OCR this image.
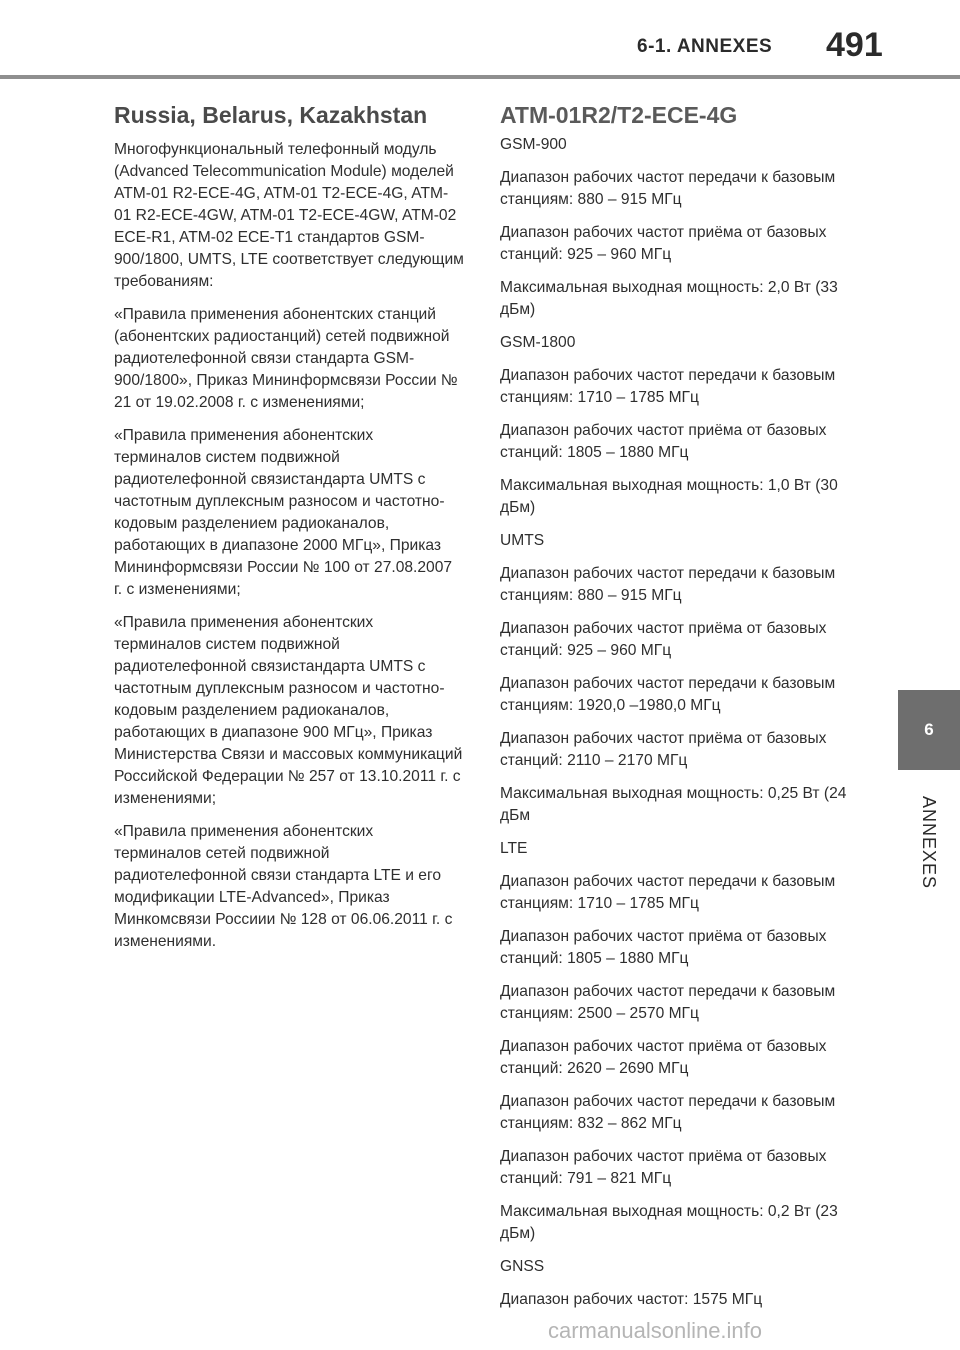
6-1. ANNEXES 491
Russia, Belarus, Kazakhstan

Многофункциональный телефонный модуль (Advanced Telecommunication Module) моделей ATM-01 R2-ECE-4G, ATM-01 T2-ECE-4G, ATM-01 R2-ECE-4GW, ATM-01 T2-ECE-4GW, ATM-02 ECE-R1, ATM-02 ECE-T1 стандартов GSM-900/1800, UMTS, LTE соответствует следующим требованиям:

«Правила применения абонентских станций (абонентских радиостанций) сетей подвижной радиотелефонной связи стандарта GSM-900/1800», Приказ Мининформсвязи России № 21 от 19.02.2008 г. с изменениями;

«Правила применения абонентских терминалов систем подвижной радиотелефонной связистандарта UMTS с частотным дуплексным разносом и частотно-кодовым разделением радиоканалов, работающих в диапазоне 2000 МГц», Приказ Мининформсвязи России № 100 от 27.08.2007 г. с изменениями;

«Правила применения абонентских терминалов систем подвижной радиотелефонной связистандарта UMTS с частотным дуплексным разносом и частотно-кодовым разделением радиоканалов, работающих в диапазоне 900 МГц», Приказ Министерства Связи и массовых коммуникаций Российской Федерации № 257 от 13.10.2011 г. с изменениями;

«Правила применения абонентских терминалов сетей подвижной радиотелефонной связи стандарта LTE и его модификации LTE-Advanced», Приказ Минкомсвязи Россиии № 128 от 06.06.2011 г. с изменениями.

ATM-01R2/T2-ECE-4G

GSM-900

Диапазон рабочих частот передачи к базовым станциям: 880 – 915 МГц

Диапазон рабочих частот приёма от базовых станций: 925 – 960 МГц

Максимальная выходная мощность: 2,0 Вт (33 дБм)

GSM-1800

Диапазон рабочих частот передачи к базовым станциям: 1710 – 1785 МГц

Диапазон рабочих частот приёма от базовых станций: 1805 – 1880 МГц

Максимальная выходная мощность: 1,0 Вт (30 дБм)

UMTS

Диапазон рабочих частот передачи к базовым станциям: 880 – 915 МГц

Диапазон рабочих частот приёма от базовых станций: 925 – 960 МГц

Диапазон рабочих частот передачи к базовым станциям: 1920,0 –1980,0 МГц

Диапазон рабочих частот приёма от базовых станций: 2110 – 2170 МГц

Максимальная выходная мощность: 0,25 Вт (24 дБм

LTE

Диапазон рабочих частот передачи к базовым станциям: 1710 – 1785 МГц

Диапазон рабочих частот приёма от базовых станций: 1805 – 1880 МГц

Диапазон рабочих частот передачи к базовым станциям: 2500 – 2570 МГц

Диапазон рабочих частот приёма от базовых станций: 2620 – 2690 МГц

Диапазон рабочих частот передачи к базовым станциям: 832 – 862 МГц

Диапазон рабочих частот приёма от базовых станций: 791 – 821 МГц

Максимальная выходная мощность: 0,2 Вт (23 дБм)

GNSS

Диапазон рабочих частот: 1575 МГц

6
ANNEXES
carmanualsonline.info
